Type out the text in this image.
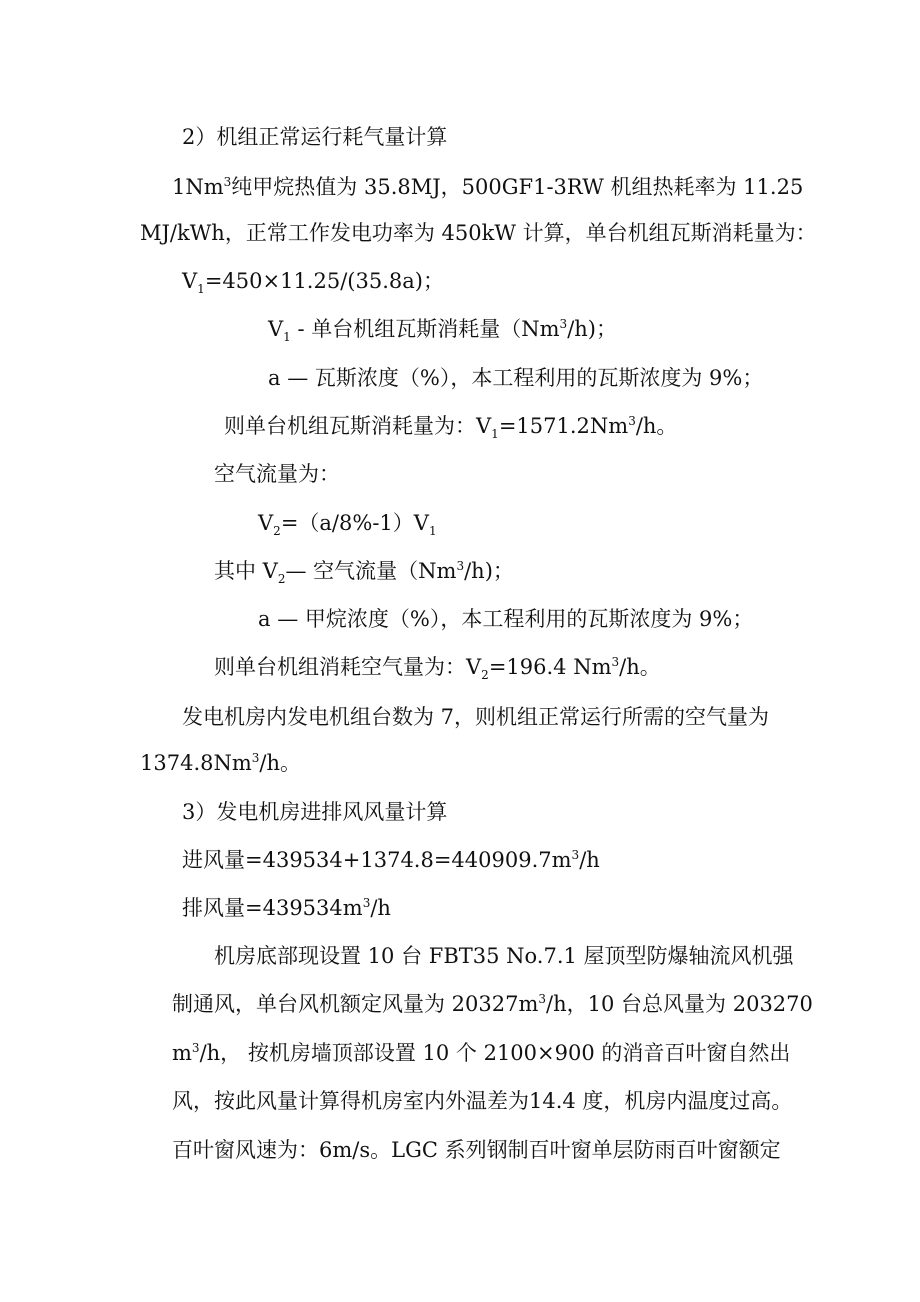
2）机组正常运行耗气量计算

1Nm$^3$纯甲烷热值为 35.8MJ，500GF1-3RW 机组热耗率为 11.25

MJ/kWh，正常工作发电功率为 450kW 计算，单台机组瓦斯消耗量为：

$V_1=450\times 11.25/(35.8a)$；

$V_1$ - 单台机组瓦斯消耗量（Nm$^3$/h)；

a — 瓦斯浓度（%），本工程利用的瓦斯浓度为 9%；

则单台机组瓦斯消耗量为：$V_1=1571.2Nm^3/h$。

空气流量为：

$V_2=(a/8\%-1)V_1$

其中 $V_2—$ 空气流量（Nm$^3$/h)；

a — 甲烷浓度（%），本工程利用的瓦斯浓度为 9%；

则单台机组消耗空气量为：$V_2=196.4$ Nm$^3$/h。

发电机房内发电机组台数为 7，则机组正常运行所需的空气量为

1374.8Nm$^3$/h。

3）发电机房进排风风量计算

进风量$=439534+1374.8=440909.7m^3/h$

排风量$=439534m^3/h$

机房底部现设置 10 台 FBT35 No.7.1 屋顶型防爆轴流风机强

制通风，单台风机额定风量为 $20327m^3/h$，10 台总风量为 203270

$m^3/h$， 按机房墙顶部设置 10 个 2100×900 的消音百叶窗自然出

风，按此风量计算得机房室内外温差为14.4 度，机房内温度过高。

百叶窗风速为：6m/s。LGC 系列钢制百叶窗单层防雨百叶窗额定
